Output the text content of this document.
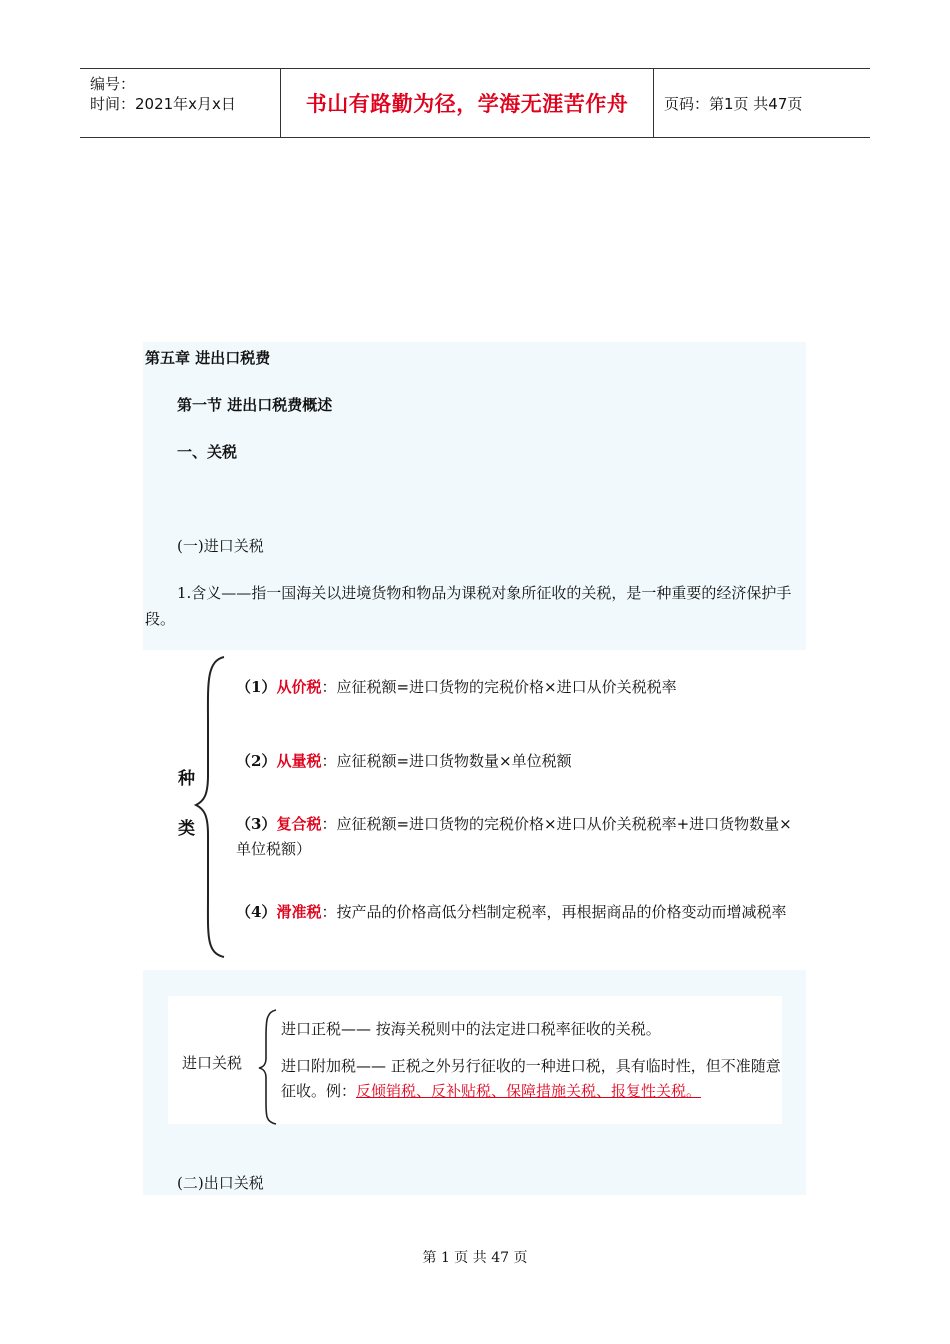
编号：
时间：2021年x月x日	书山有路勤为径，学海无涯苦作舟 页码：第1页 共47页
第五章 进出口税费
第一节 进出口税费概述
一、关税
(一)进口关税
1.含义——指一国海关以进境货物和物品为课税对象所征收的关税，是一种重要的经济保护手段。
种
类
（1）从价税：应征税额=进口货物的完税价格×进口从价关税税率
（2）从量税：应征税额=进口货物数量×单位税额
（3）复合税：应征税额=进口货物的完税价格×进口从价关税税率+进口货物数量×单位税额）
（4）滑准税：按产品的价格高低分档制定税率，再根据商品的价格变动而增减税率
进口关税
进口正税—— 按海关税则中的法定进口税率征收的关税。
进口附加税—— 正税之外另行征收的一种进口税，具有临时性，但不准随意征收。例：反倾销税、反补贴税、保障措施关税、报复性关税。
(二)出口关税
第 1 页 共 47 页
